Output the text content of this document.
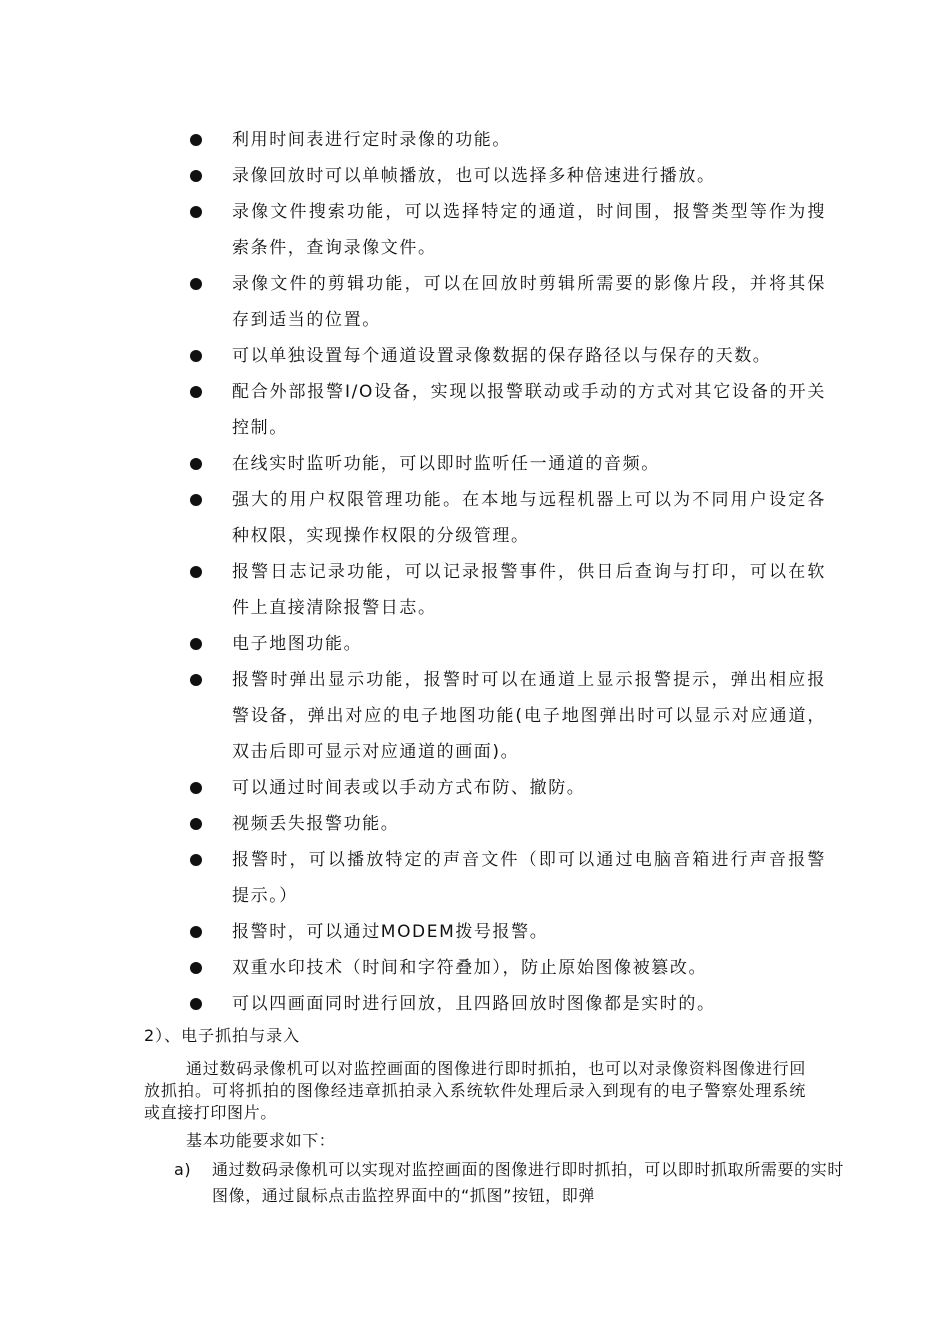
利用时间表进行定时录像的功能。
录像回放时可以单帧播放，也可以选择多种倍速进行播放。
录像文件搜索功能，可以选择特定的通道，时间围，报警类型等作为搜索条件，查询录像文件。
录像文件的剪辑功能，可以在回放时剪辑所需要的影像片段，并将其保存到适当的位置。
可以单独设置每个通道设置录像数据的保存路径以与保存的天数。
配合外部报警I/O设备，实现以报警联动或手动的方式对其它设备的开关控制。
在线实时监听功能，可以即时监听任一通道的音频。
强大的用户权限管理功能。在本地与远程机器上可以为不同用户设定各种权限，实现操作权限的分级管理。
报警日志记录功能，可以记录报警事件，供日后查询与打印，可以在软件上直接清除报警日志。
电子地图功能。
报警时弹出显示功能，报警时可以在通道上显示报警提示，弹出相应报警设备，弹出对应的电子地图功能(电子地图弹出时可以显示对应通道，双击后即可显示对应通道的画面)。
可以通过时间表或以手动方式布防、撤防。
视频丢失报警功能。
报警时，可以播放特定的声音文件（即可以通过电脑音箱进行声音报警提示。）
报警时，可以通过MODEM拨号报警。
双重水印技术（时间和字符叠加），防止原始图像被篡改。
可以四画面同时进行回放，且四路回放时图像都是实时的。
2）、电子抓拍与录入

通过数码录像机可以对监控画面的图像进行即时抓拍，也可以对录像资料图像进行回放抓拍。可将抓拍的图像经违章抓拍录入系统软件处理后录入到现有的电子警察处理系统或直接打印图片。

基本功能要求如下：

a) 通过数码录像机可以实现对监控画面的图像进行即时抓拍，可以即时抓取所需要的实时图像，通过鼠标点击监控界面中的“抓图”按钮，即弹
